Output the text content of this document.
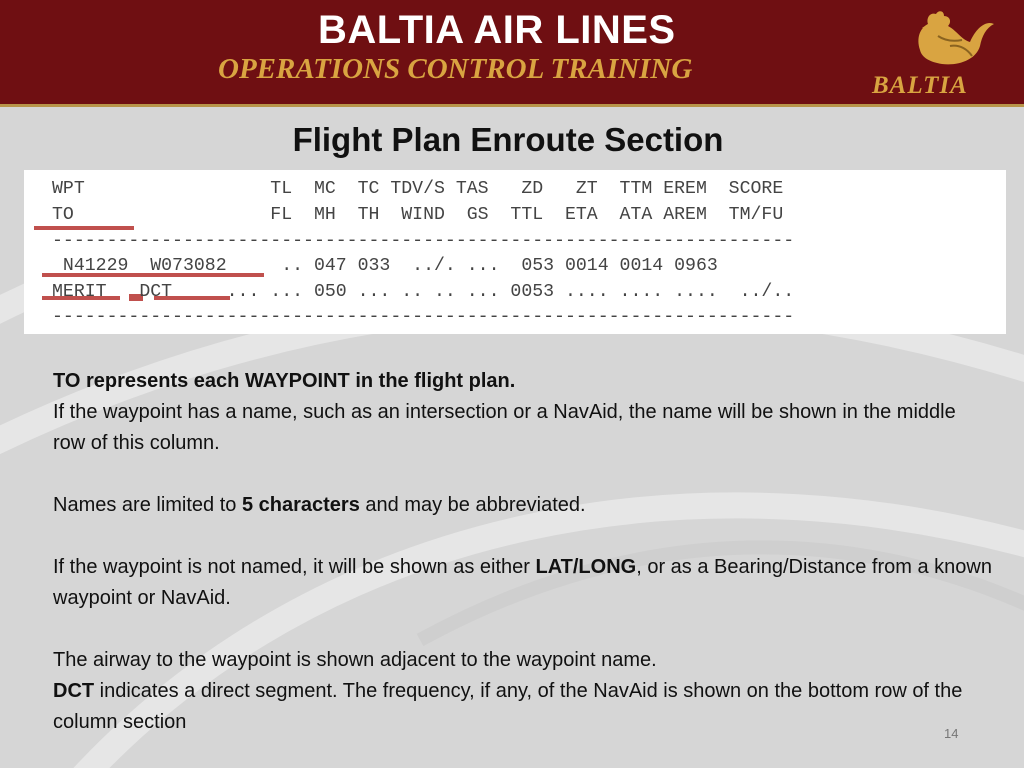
BALTIA AIR LINES
OPERATIONS CONTROL TRAINING
BALTIA
Flight Plan Enroute Section
WPT                 TL  MC  TC TDV/S TAS   ZD   ZT  TTM EREM  SCORE
TO                  FL  MH  TH  WIND  GS  TTL  ETA  ATA AREM  TM/FU
--------------------------------------------------------------------
N41229  W073082     .. 047 033  ../. ...  053 0014 0014 0963
MERIT   DCT     ... ... 050 ... .. .. ... 0053 .... .... ....  ../..
--------------------------------------------------------------------

TO represents each WAYPOINT in the flight plan.
If the waypoint has a name, such as an intersection or a NavAid, the name will be shown in the middle row of this column.

Names are limited to 5 characters and may be abbreviated.

If the waypoint is not named, it will be shown as either LAT/LONG, or as a Bearing/Distance from a known waypoint or NavAid.

The airway to the waypoint is shown adjacent to the waypoint name.

DCT indicates a direct segment. The frequency, if any, of the NavAid is shown on the bottom row of the column section

14
